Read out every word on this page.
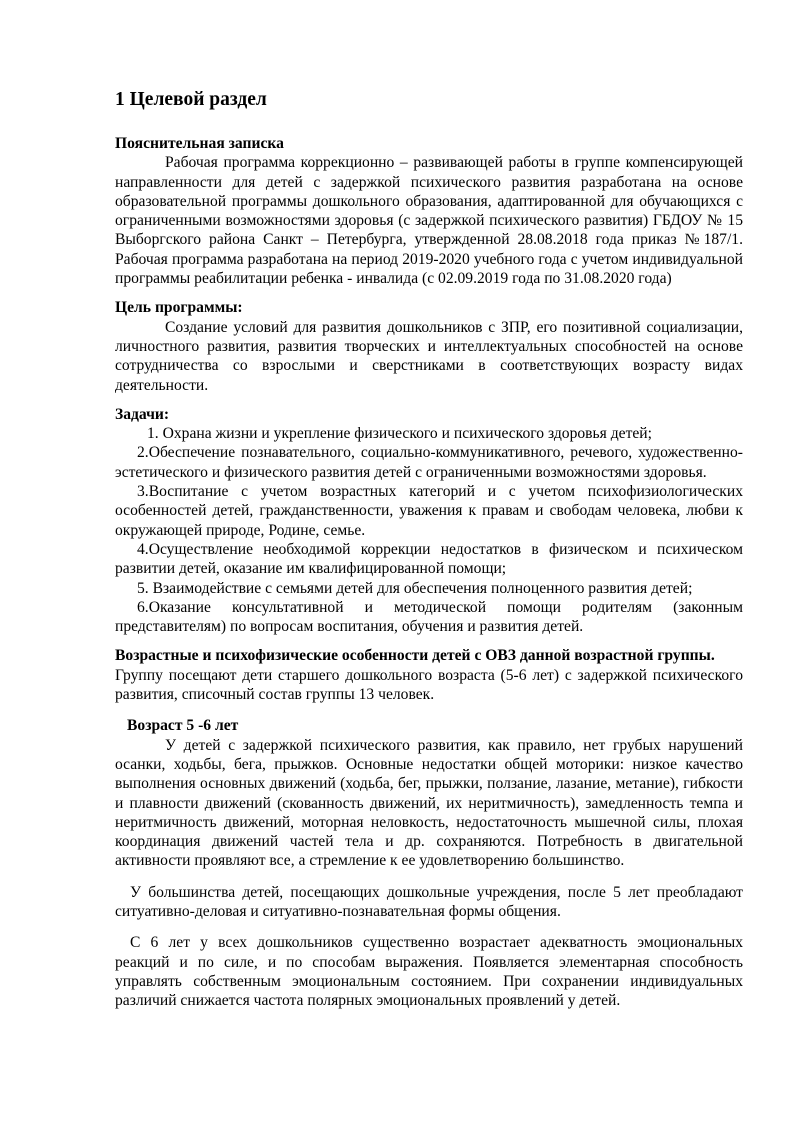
1 Целевой раздел
Пояснительная записка

Рабочая программа коррекционно – развивающей работы в группе компенсирующей направленности для детей с задержкой психического развития разработана на основе образовательной программы дошкольного образования, адаптированной для обучающихся с ограниченными возможностями здоровья (с задержкой психического развития) ГБДОУ № 15 Выборгского района Санкт – Петербурга, утвержденной 28.08.2018 года приказ №187/1. Рабочая программа разработана на период 2019-2020 учебного года с учетом индивидуальной программы реабилитации ребенка - инвалида (с 02.09.2019 года по 31.08.2020 года)

Цель программы:

Создание условий для развития дошкольников с ЗПР, его позитивной социализации, личностного развития, развития творческих и интеллектуальных способностей на основе сотрудничества со взрослыми и сверстниками в соответствующих возрасту видах деятельности.

Задачи:

1. Охрана жизни и укрепление физического и психического здоровья детей;

2.Обеспечение познавательного, социально-коммуникативного, речевого, художественно-эстетического и физического развития детей с ограниченными возможностями здоровья.

3.Воспитание с учетом возрастных категорий и с учетом психофизиологических особенностей детей, гражданственности, уважения к правам и свободам человека, любви к окружающей природе, Родине, семье.

4.Осуществление необходимой коррекции недостатков в физическом и психическом развитии детей, оказание им квалифицированной помощи;

5. Взаимодействие с семьями детей для обеспечения полноценного развития детей;

6.Оказание консультативной и методической помощи родителям (законным представителям) по вопросам воспитания, обучения и развития детей.

Возрастные и психофизические особенности детей с ОВЗ данной возрастной группы.

Группу посещают дети старшего дошкольного возраста (5-6 лет) с задержкой психического развития, списочный состав группы 13 человек.

Возраст 5 -6 лет

У детей с задержкой психического развития, как правило, нет грубых нарушений осанки, ходьбы, бега, прыжков. Основные недостатки общей моторики: низкое качество выполнения основных движений (ходьба, бег, прыжки, ползание, лазание, метание), гибкости и плавности движений (скованность движений, их неритмичность), замедленность темпа и неритмичность движений, моторная неловкость, недостаточность мышечной силы, плохая координация движений частей тела и др. сохраняются. Потребность в двигательной активности проявляют все, а стремление к ее удовлетворению большинство.

У большинства детей, посещающих дошкольные учреждения, после 5 лет преобладают ситуативно-деловая и ситуативно-познавательная формы общения.

С 6 лет у всех дошкольников существенно возрастает адекватность эмоциональных реакций и по силе, и по способам выражения. Появляется элементарная способность управлять собственным эмоциональным состоянием. При сохранении индивидуальных различий снижается частота полярных эмоциональных проявлений у детей.
